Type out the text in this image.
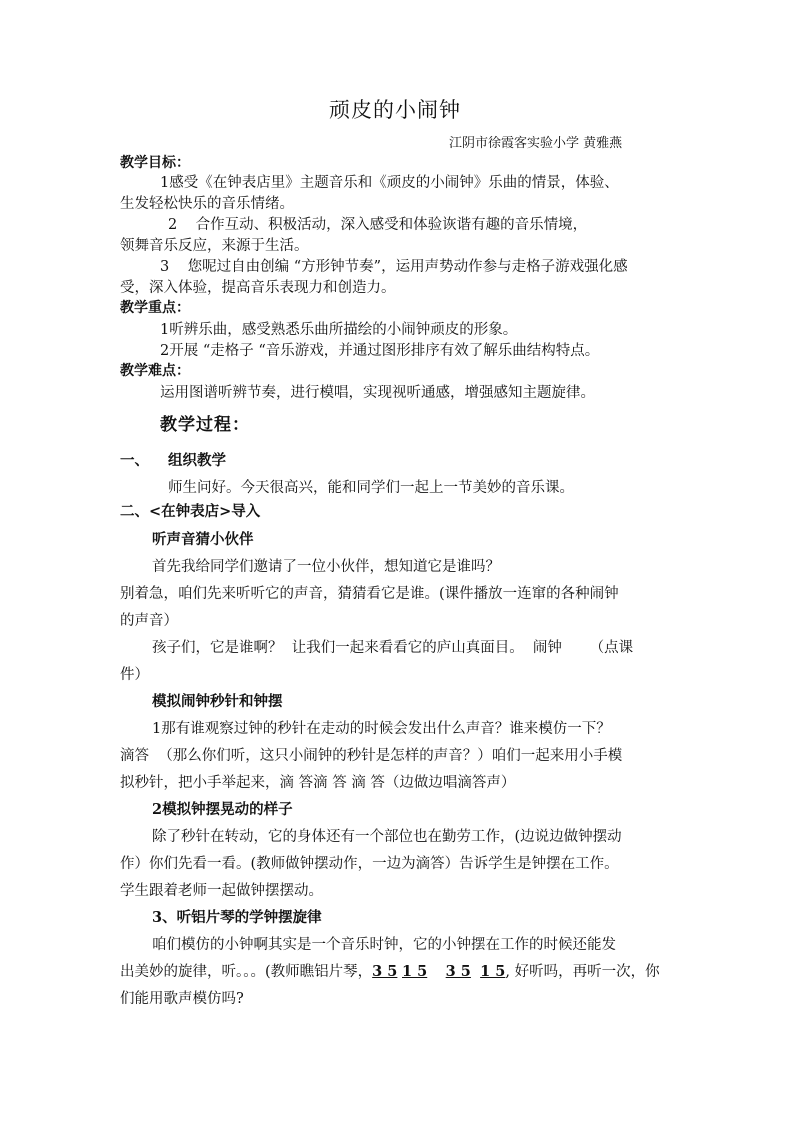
顽皮的小闹钟
江阴市徐霞客实验小学 黄雅燕
教学目标：
1感受《在钟表店里》主题音乐和《顽皮的小闹钟》乐曲的情景，体验、
生发轻松快乐的音乐情绪。
2    合作互动、积极活动，深入感受和体验诙谐有趣的音乐情境，
领舞音乐反应，来源于生活。
3    您呢过自由创编 “方形钟节奏”，运用声势动作参与走格子游戏强化感
受，深入体验，提高音乐表现力和创造力。
教学重点：
1听辨乐曲，感受熟悉乐曲所描绘的小闹钟顽皮的形象。
2开展 “走格子 “音乐游戏，并通过图形排序有效了解乐曲结构特点。
教学难点：
运用图谱听辨节奏，进行模唱，实现视听通感，增强感知主题旋律。
教学过程：
一、 组织教学
师生问好。今天很高兴，能和同学们一起上一节美妙的音乐课。
二、<在钟表店>导入
听声音猜小伙伴
首先我给同学们邀请了一位小伙伴，想知道它是谁吗？
别着急，咱们先来听听它的声音，猜猜看它是谁。(课件播放一连窜的各种闹钟
的声音）
孩子们，它是谁啊？  让我们一起来看看它的庐山真面目。  闹钟      （点课
件）
模拟闹钟秒针和钟摆
1那有谁观察过钟的秒针在走动的时候会发出什么声音？谁来模仿一下？
滴答  （那么你们听，这只小闹钟的秒针是怎样的声音？）咱们一起来用小手模
拟秒针，把小手举起来，滴 答滴 答 滴 答（边做边唱滴答声）
2模拟钟摆晃动的样子
除了秒针在转动，它的身体还有一个部位也在勤劳工作，(边说边做钟摆动
作）你们先看一看。(教师做钟摆动作，一边为滴答）告诉学生是钟摆在工作。
学生跟着老师一起做钟摆摆动。
3、听铝片琴的学钟摆旋律
咱们模仿的小钟啊其实是一个音乐时钟，它的小钟摆在工作的时候还能发
出美妙的旋律，听。。。(教师瞧铝片琴，3 5 1 5 3 5 1 5, 好听吗，再听一次，你
们能用歌声模仿吗?
